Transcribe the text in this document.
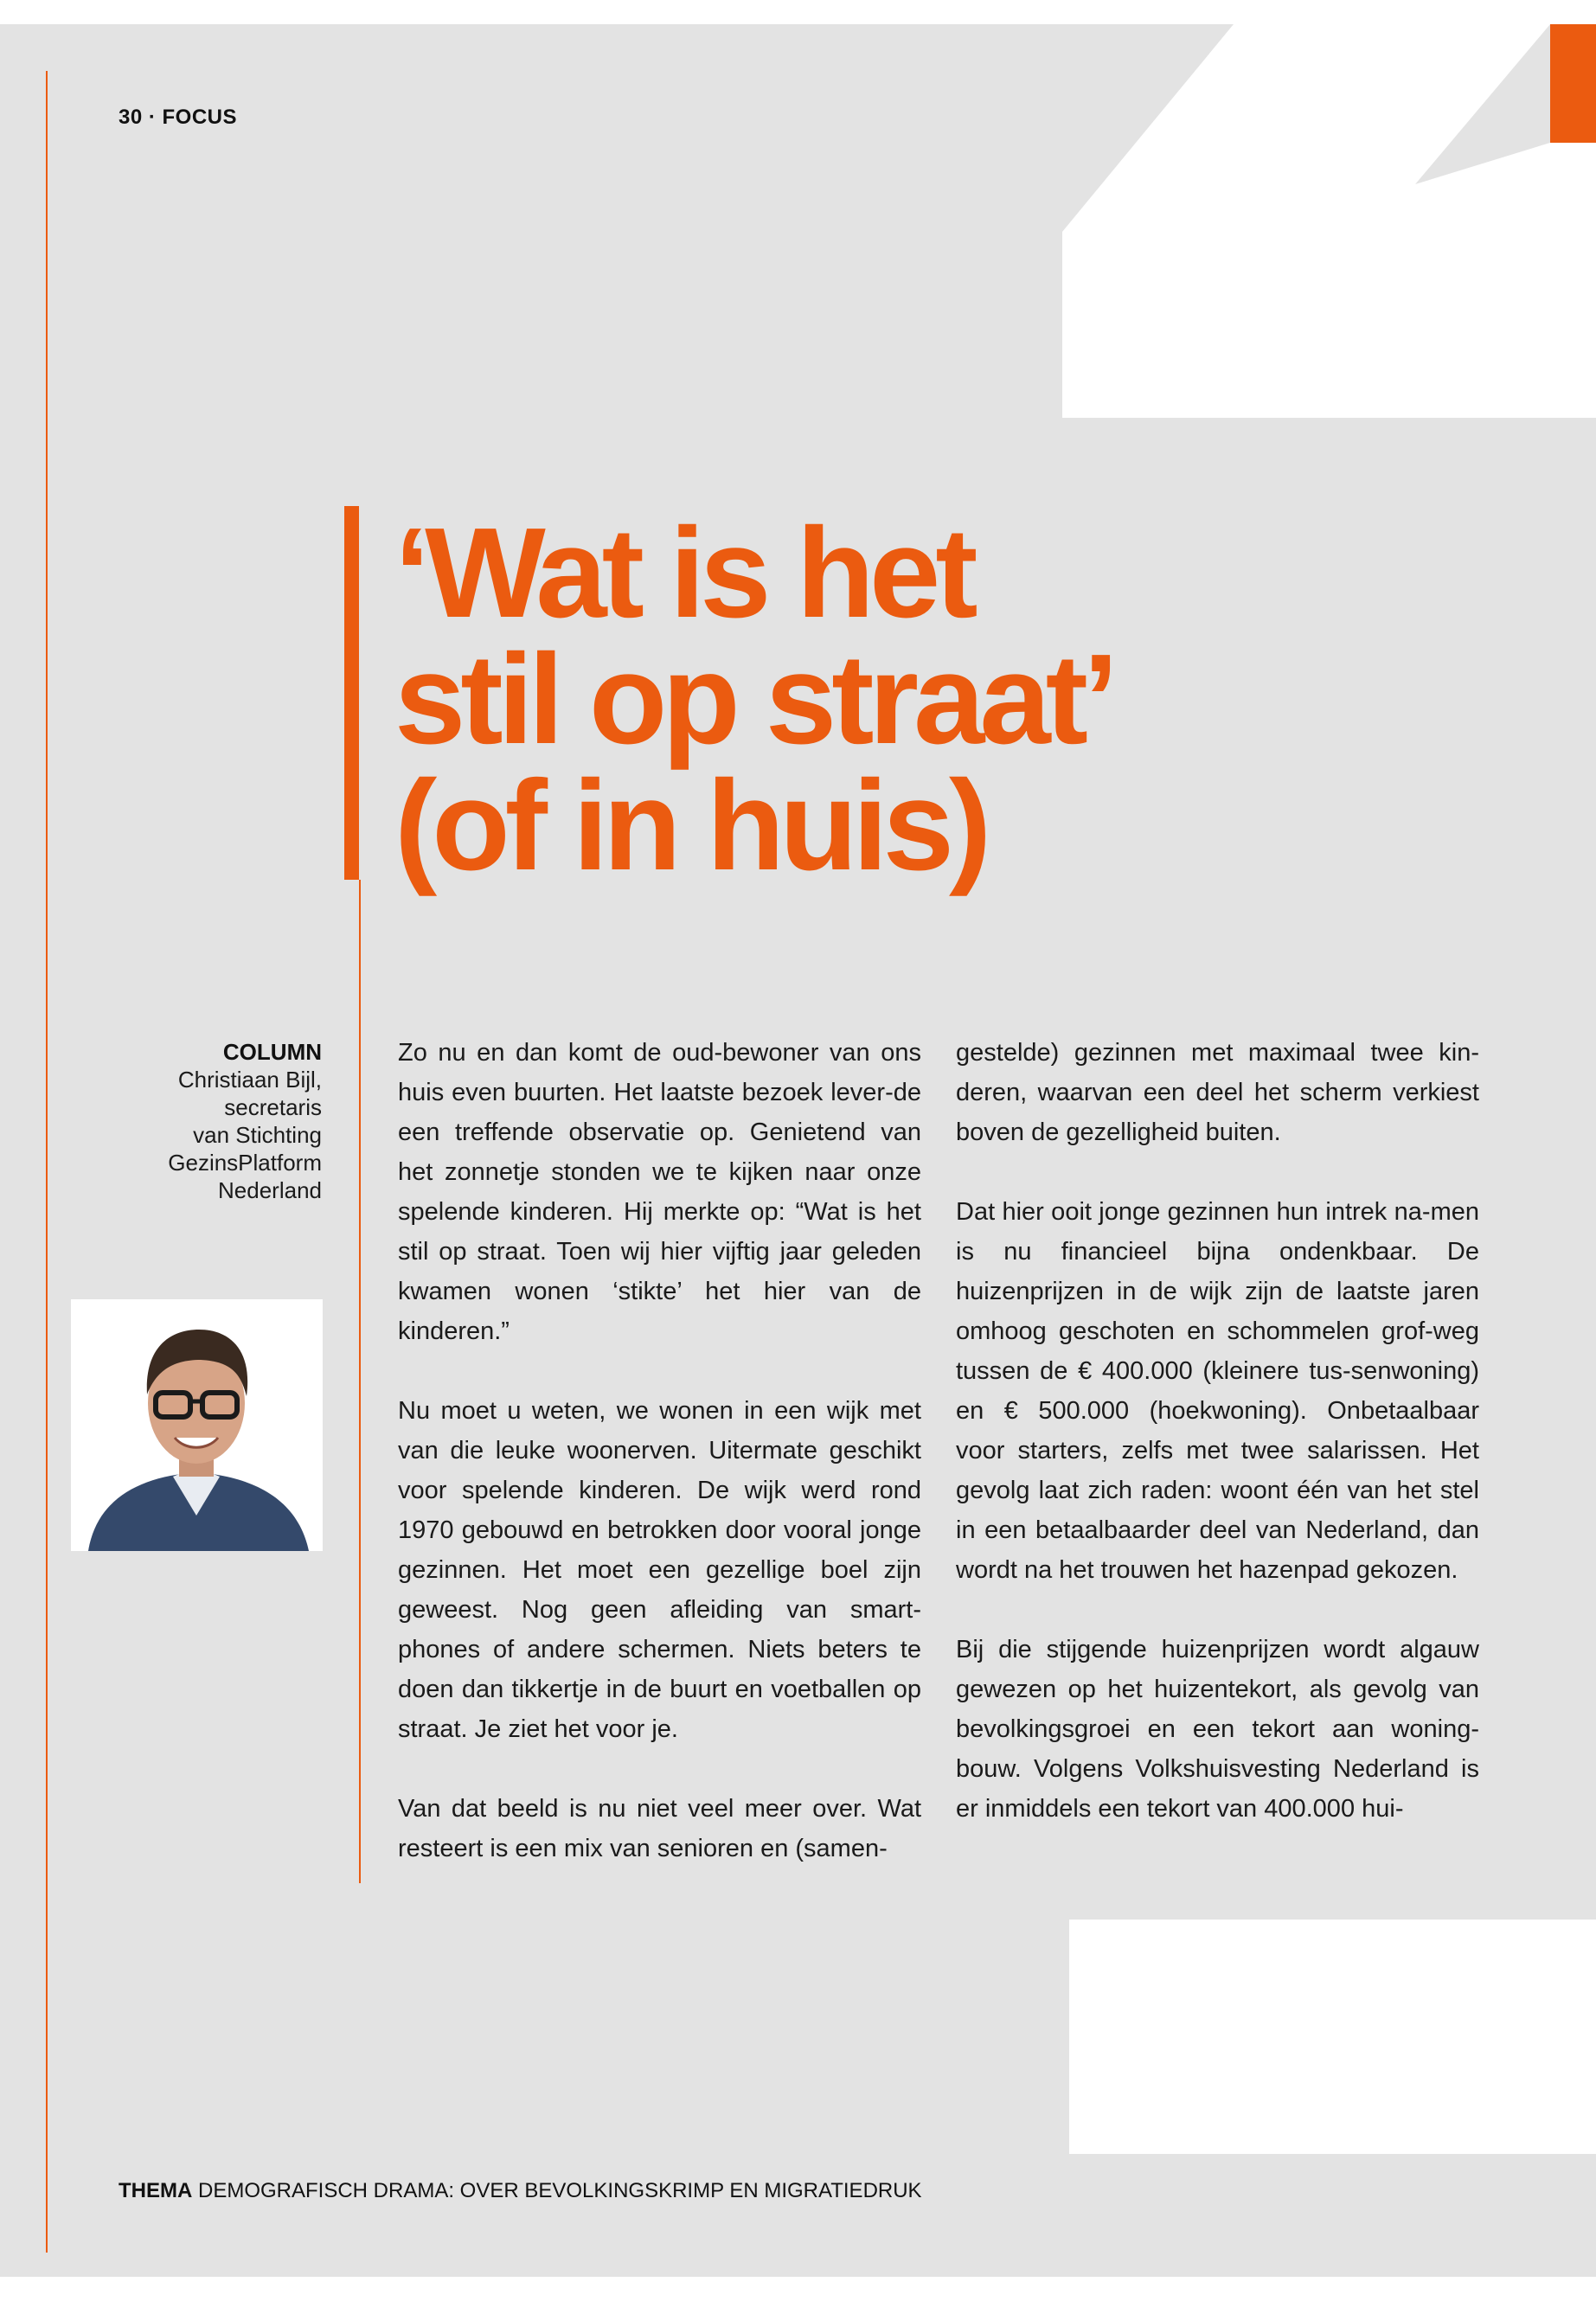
30 · FOCUS
‘Wat is het
stil op straat’
(of in huis)
COLUMN
Christiaan Bijl,
secretaris
van Stichting
GezinsPlatform
Nederland

Zo nu en dan komt de oud-bewoner van ons huis even buurten. Het laatste bezoek lever-de een treffende observatie op. Genietend van het zonnetje stonden we te kijken naar onze spelende kinderen. Hij merkte op: “Wat is het stil op straat. Toen wij hier vijftig jaar geleden kwamen wonen ‘stikte’ het hier van de kinderen.”

Nu moet u weten, we wonen in een wijk met van die leuke woonerven. Uitermate geschikt voor spelende kinderen. De wijk werd rond 1970 gebouwd en betrokken door vooral jonge gezinnen. Het moet een gezellige boel zijn geweest. Nog geen afleiding van smart-phones of andere schermen. Niets beters te doen dan tikkertje in de buurt en voetballen op straat. Je ziet het voor je.

Van dat beeld is nu niet veel meer over. Wat resteert is een mix van senioren en (samen-

gestelde) gezinnen met maximaal twee kin-deren, waarvan een deel het scherm verkiest boven de gezelligheid buiten.

Dat hier ooit jonge gezinnen hun intrek na-men is nu financieel bijna ondenkbaar. De huizenprijzen in de wijk zijn de laatste jaren omhoog geschoten en schommelen grof-weg tussen de € 400.000 (kleinere tus-senwoning) en € 500.000 (hoekwoning). Onbetaalbaar voor starters, zelfs met twee salarissen. Het gevolg laat zich raden: woont één van het stel in een betaalbaarder deel van Nederland, dan wordt na het trouwen het hazenpad gekozen.

Bij die stijgende huizenprijzen wordt algauw gewezen op het huizentekort, als gevolg van bevolkingsgroei en een tekort aan woning-bouw. Volgens Volkshuisvesting Nederland is er inmiddels een tekort van 400.000 hui-

THEMA DEMOGRAFISCH DRAMA: OVER BEVOLKINGSKRIMP EN MIGRATIEDRUK
